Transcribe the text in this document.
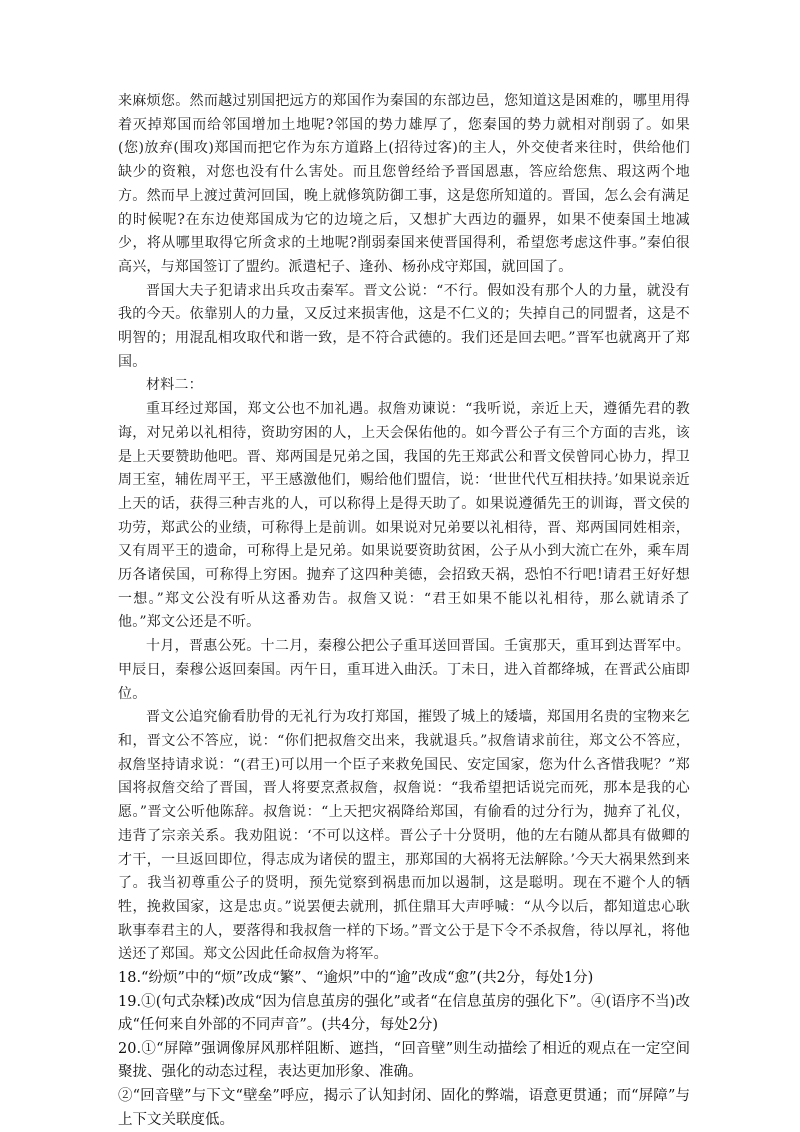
来麻烦您。然而越过别国把远方的郑国作为秦国的东部边邑，您知道这是困难的，哪里用得着灭掉郑国而给邻国增加土地呢?邻国的势力雄厚了，您秦国的势力就相对削弱了。如果(您)放弃(围攻)郑国而把它作为东方道路上(招待过客)的主人，外交使者来往时，供给他们缺少的资粮，对您也没有什么害处。而且您曾经给予晋国恩惠，答应给您焦、瑕这两个地方。然而早上渡过黄河回国，晚上就修筑防御工事，这是您所知道的。晋国，怎么会有满足的时候呢?在东边使郑国成为它的边境之后，又想扩大西边的疆界，如果不使秦国土地减少，将从哪里取得它所贪求的土地呢?削弱秦国来使晋国得利，希望您考虑这件事。”秦伯很高兴，与郑国签订了盟约。派遣杞子、逢孙、杨孙戍守郑国，就回国了。

晋国大夫子犯请求出兵攻击秦军。晋文公说：“不行。假如没有那个人的力量，就没有我的今天。依靠别人的力量，又反过来损害他，这是不仁义的；失掉自己的同盟者，这是不明智的；用混乱相攻取代和谐一致，是不符合武德的。我们还是回去吧。”晋军也就离开了郑国。

材料二：

重耳经过郑国，郑文公也不加礼遇。叔詹劝谏说：“我听说，亲近上天，遵循先君的教诲，对兄弟以礼相待，资助穷困的人，上天会保佑他的。如今晋公子有三个方面的吉兆，该是上天要赞助他吧。晋、郑两国是兄弟之国，我国的先王郑武公和晋文侯曾同心协力，捍卫周王室，辅佐周平王，平王感激他们，赐给他们盟信，说：‘世世代代互相扶持。’如果说亲近上天的话，获得三种吉兆的人，可以称得上是得天助了。如果说遵循先王的训诲，晋文侯的功劳，郑武公的业绩，可称得上是前训。如果说对兄弟要以礼相待，晋、郑两国同姓相亲，又有周平王的遗命，可称得上是兄弟。如果说要资助贫困，公子从小到大流亡在外，乘车周历各诸侯国，可称得上穷困。抛弃了这四种美德，会招致天祸，恐怕不行吧!请君王好好想一想。”郑文公没有听从这番劝告。叔詹又说：“君王如果不能以礼相待，那么就请杀了他。”郑文公还是不听。

十月，晋惠公死。十二月，秦穆公把公子重耳送回晋国。壬寅那天，重耳到达晋军中。甲辰日，秦穆公返回秦国。丙午日，重耳进入曲沃。丁未日，进入首都绛城，在晋武公庙即位。

晋文公追究偷看肋骨的无礼行为攻打郑国，摧毁了城上的矮墙，郑国用名贵的宝物来乞和，晋文公不答应，说：“你们把叔詹交出来，我就退兵。”叔詹请求前往，郑文公不答应，叔詹坚持请求说：“(君王)可以用一个臣子来救免国民、安定国家，您为什么吝惜我呢？”郑国将叔詹交给了晋国，晋人将要烹煮叔詹，叔詹说：“我希望把话说完而死，那本是我的心愿。”晋文公听他陈辞。叔詹说：“上天把灾祸降给郑国，有偷看的过分行为，抛弃了礼仪，违背了宗亲关系。我劝阻说：‘不可以这样。晋公子十分贤明，他的左右随从都具有做卿的才干，一旦返回即位，得志成为诸侯的盟主，那郑国的大祸将无法解除。’今天大祸果然到来了。我当初尊重公子的贤明，预先觉察到祸患而加以遏制，这是聪明。现在不避个人的牺牲，挽救国家，这是忠贞。”说罢便去就刑，抓住鼎耳大声呼喊：“从今以后，都知道忠心耿耿事奉君主的人，要落得和我叔詹一样的下场。”晋文公于是下令不杀叔詹，待以厚礼，将他送还了郑国。郑文公因此任命叔詹为将军。

18.“纷烦”中的“烦”改成“繁”、“逾炽”中的“逾”改成“愈”(共2分，每处1分)

19.①(句式杂糅)改成“因为信息茧房的强化”或者“在信息茧房的强化下”。④(语序不当)改成“任何来自外部的不同声音”。(共4分，每处2分)

20.①“屏障”强调像屏风那样阻断、遮挡，“回音壁”则生动描绘了相近的观点在一定空间聚拢、强化的动态过程，表达更加形象、准确。

②“回音壁”与下文“壁垒”呼应，揭示了认知封闭、固化的弊端，语意更贯通；而“屏障”与上下文关联度低。
